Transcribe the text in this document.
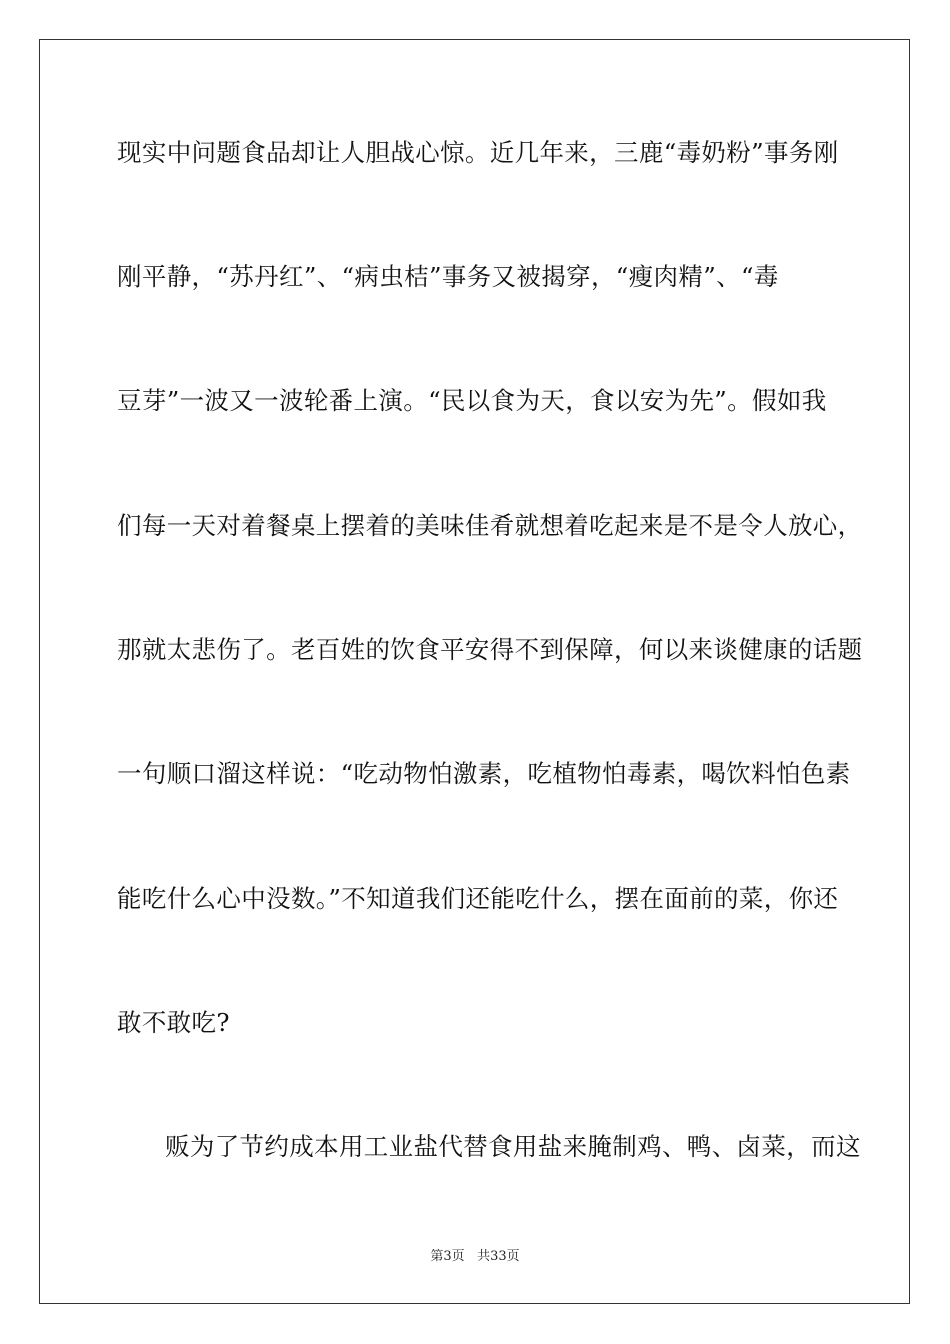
现实中问题食品却让人胆战心惊。近几年来，三鹿“毒奶粉”事务刚
刚平静，“苏丹红”、“病虫桔”事务又被揭穿，“瘦肉精”、“毒
豆芽”一波又一波轮番上演。“民以食为天，食以安为先”。假如我
们每一天对着餐桌上摆着的美味佳肴就想着吃起来是不是令人放心，
那就太悲伤了。老百姓的饮食平安得不到保障，何以来谈健康的话题
一句顺口溜这样说：“吃动物怕激素，吃植物怕毒素，喝饮料怕色素
能吃什么心中没数。”不知道我们还能吃什么，摆在面前的菜，你还
敢不敢吃?
贩为了节约成本用工业盐代替食用盐来腌制鸡、鸭、卤菜，而这
第3页 共33页
